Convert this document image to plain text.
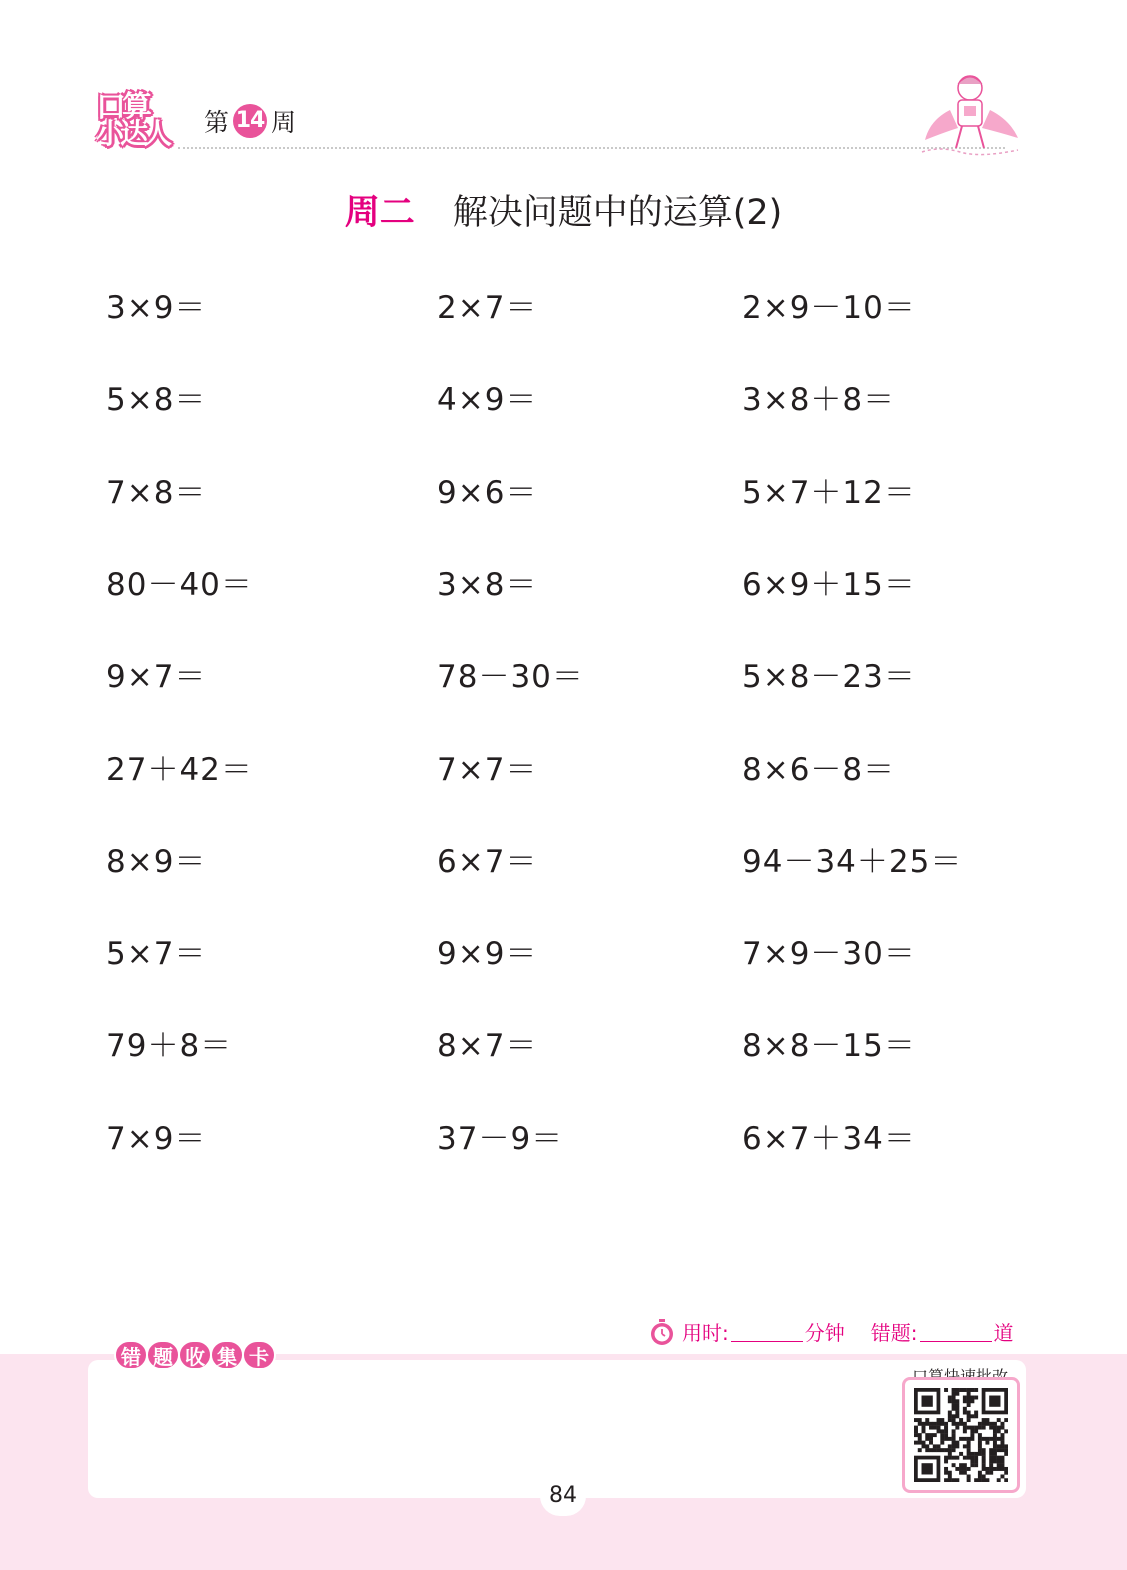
口算
小达人 第 14 周
周二 解决问题中的运算(2)
3×9＝	2×7＝	2×9－10＝
5×8＝	4×9＝	3×8＋8＝
7×8＝	9×6＝	5×7＋12＝
80－40＝	3×8＝	6×9＋15＝
9×7＝	78－30＝	5×8－23＝
27＋42＝	7×7＝	8×6－8＝
8×9＝	6×7＝	94－34＋25＝
5×7＝	9×9＝	7×9－30＝
79＋8＝	8×7＝	8×8－15＝
7×9＝	37－9＝	6×7＋34＝
用时:	分钟 错题:	道
错 题 收 集 卡
84
